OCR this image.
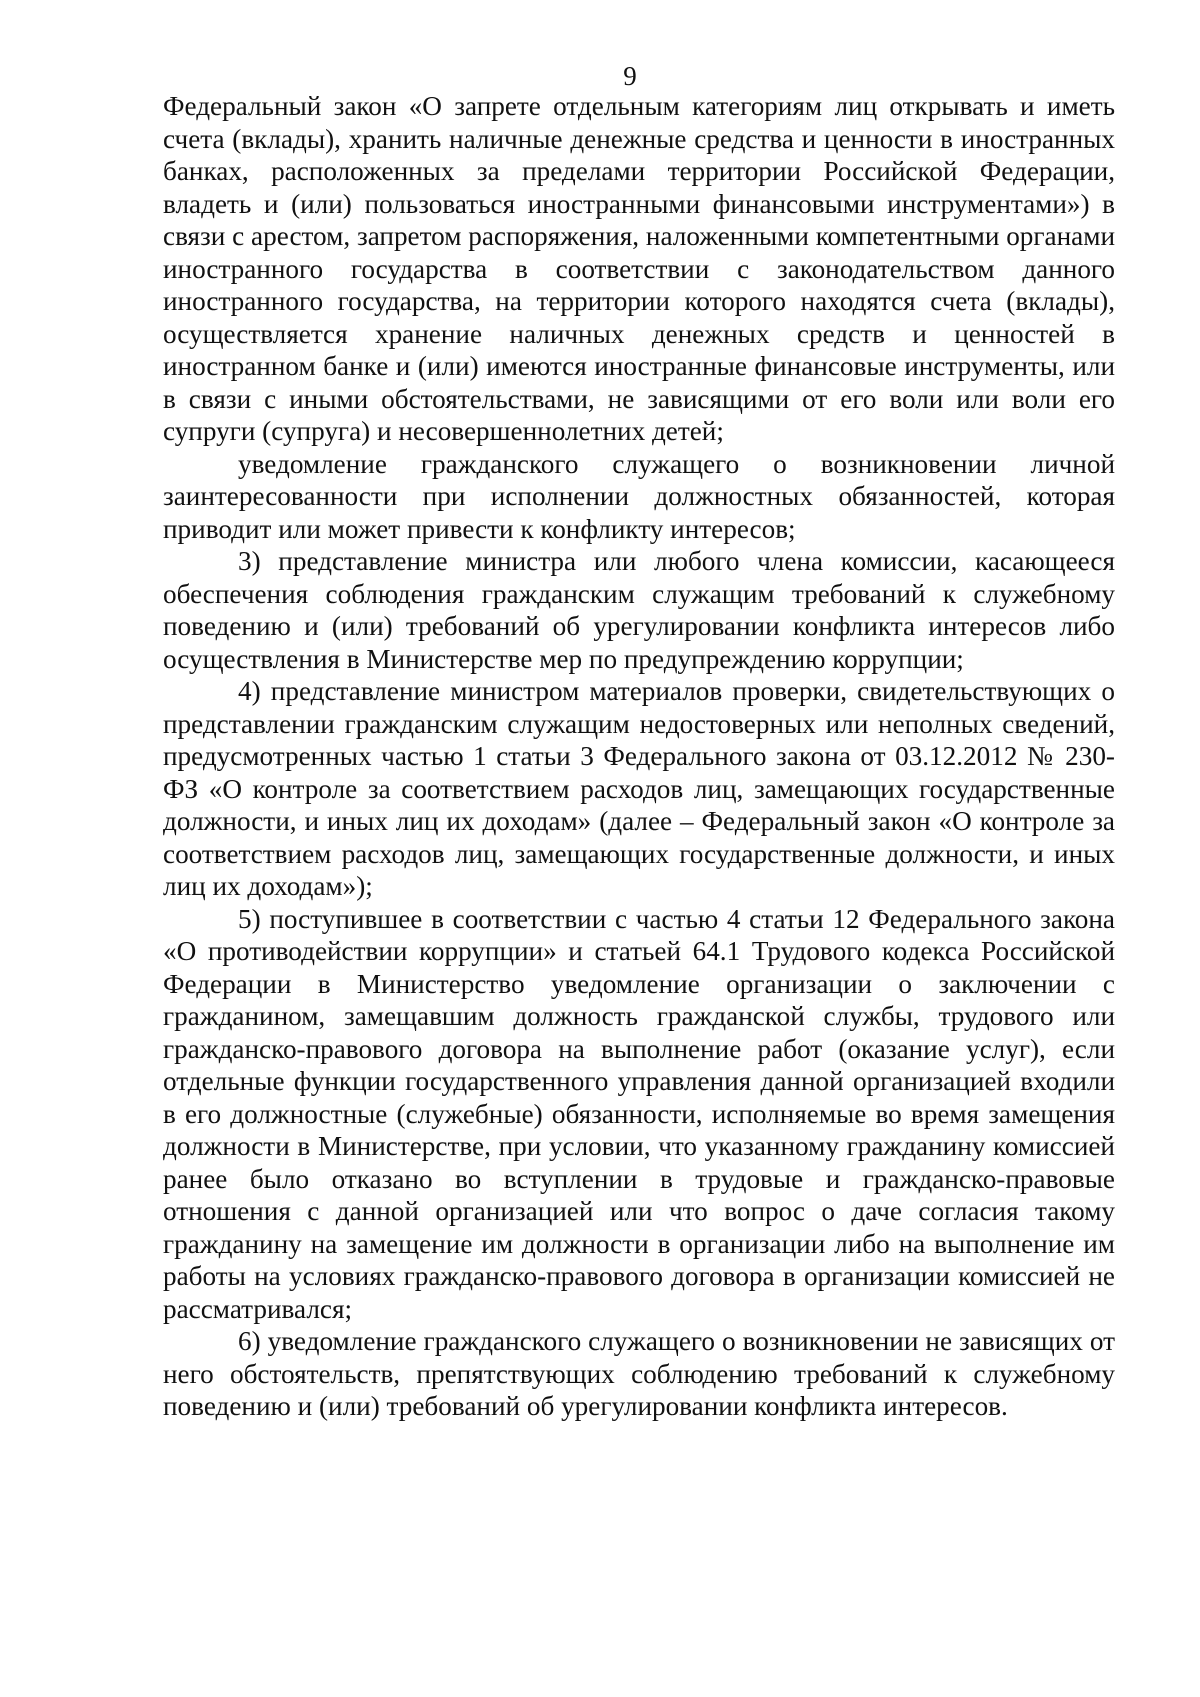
9

Федеральный закон «О запрете отдельным категориям лиц открывать и иметь счета (вклады), хранить наличные денежные средства и ценности в иностранных банках, расположенных за пределами территории Российской Федерации, владеть и (или) пользоваться иностранными финансовыми инструментами») в связи с арестом, запретом распоряжения, наложенными компетентными органами иностранного государства в соответствии с законодательством данного иностранного государства, на территории которого находятся счета (вклады), осуществляется хранение наличных денежных средств и ценностей в иностранном банке и (или) имеются иностранные финансовые инструменты, или в связи с иными обстоятельствами, не зависящими от его воли или воли его супруги (супруга) и несовершеннолетних детей;

уведомление гражданского служащего о возникновении личной заинтересованности при исполнении должностных обязанностей, которая приводит или может привести к конфликту интересов;

3) представление министра или любого члена комиссии, касающееся обеспечения соблюдения гражданским служащим требований к служебному поведению и (или) требований об урегулировании конфликта интересов либо осуществления в Министерстве мер по предупреждению коррупции;

4) представление министром материалов проверки, свидетельствующих о представлении гражданским служащим недостоверных или неполных сведений, предусмотренных частью 1 статьи 3 Федерального закона от 03.12.2012 № 230-ФЗ «О контроле за соответствием расходов лиц, замещающих государственные должности, и иных лиц их доходам» (далее – Федеральный закон «О контроле за соответствием расходов лиц, замещающих государственные должности, и иных лиц их доходам»);

5) поступившее в соответствии с частью 4 статьи 12 Федерального закона «О противодействии коррупции» и статьей 64.1 Трудового кодекса Российской Федерации в Министерство уведомление организации о заключении с гражданином, замещавшим должность гражданской службы, трудового или гражданско-правового договора на выполнение работ (оказание услуг), если отдельные функции государственного управления данной организацией входили в его должностные (служебные) обязанности, исполняемые во время замещения должности в Министерстве, при условии, что указанному гражданину комиссией ранее было отказано во вступлении в трудовые и гражданско-правовые отношения с данной организацией или что вопрос о даче согласия такому гражданину на замещение им должности в организации либо на выполнение им работы на условиях гражданско-правового договора в организации комиссией не рассматривался;

6) уведомление гражданского служащего о возникновении не зависящих от него обстоятельств, препятствующих соблюдению требований к служебному поведению и (или) требований об урегулировании конфликта интересов.
